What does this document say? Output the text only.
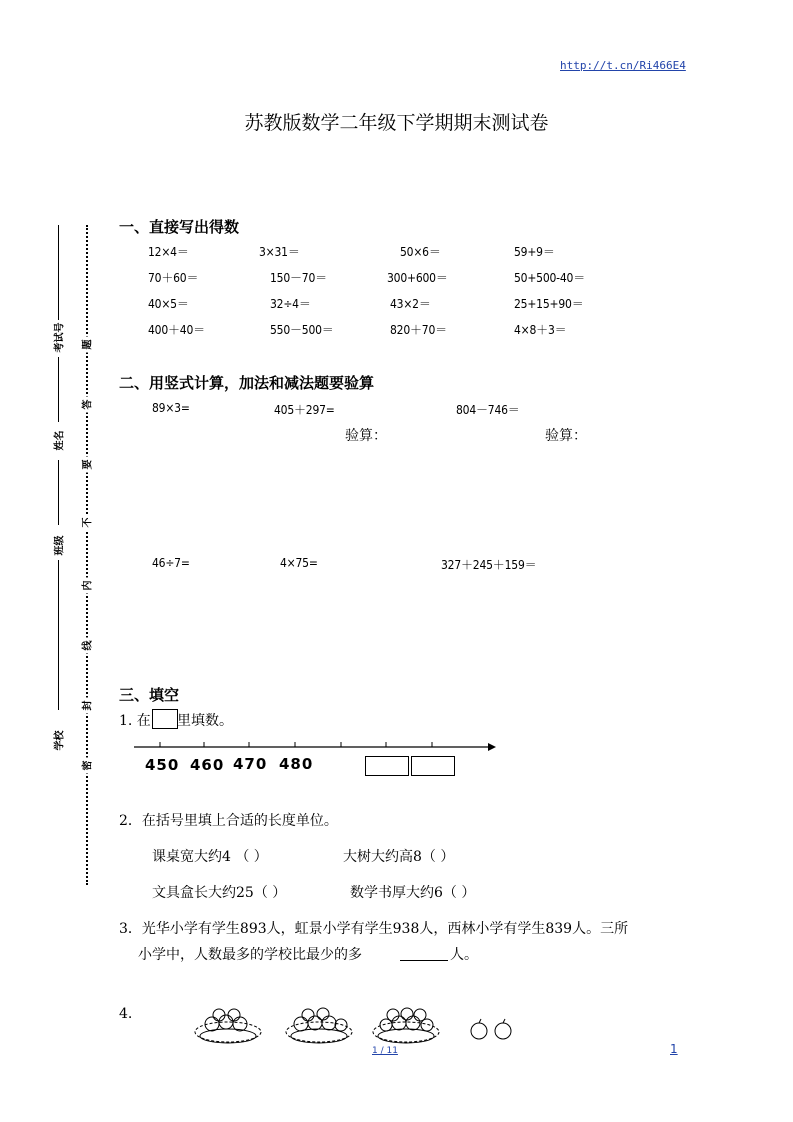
http://t.cn/Ri466E4
苏教版数学二年级下学期期末测试卷
考试号
姓名
班级
学校
题
答
要
不
内
线
封
密
一、直接写出得数
12×4＝	3×31＝	50×6＝	59+9＝
70＋60＝	150－70＝	300+600＝	50+500-40＝
40×5＝	32÷4＝	43×2＝	25+15+90＝
400＋40＝	550－500＝	820＋70＝	4×8＋3＝
二、用竖式计算，加法和减法题要验算
89×3=	405＋297=	804－746＝
验算：	验算：
46÷7=	4×75=	327＋245＋159＝
三、填空
1. 在 里填数。
450 460 470 480
2．在括号里填上合适的长度单位。
课桌宽大约4 （ ）	大树大约高8（ ）
文具盒长大约25（ ）	数学书厚大约6（ ）
3．光华小学有学生893人，虹景小学有学生938人，西林小学有学生839人。三所
小学中，人数最多的学校比最少的多	人。
4.
1 / 11	1
